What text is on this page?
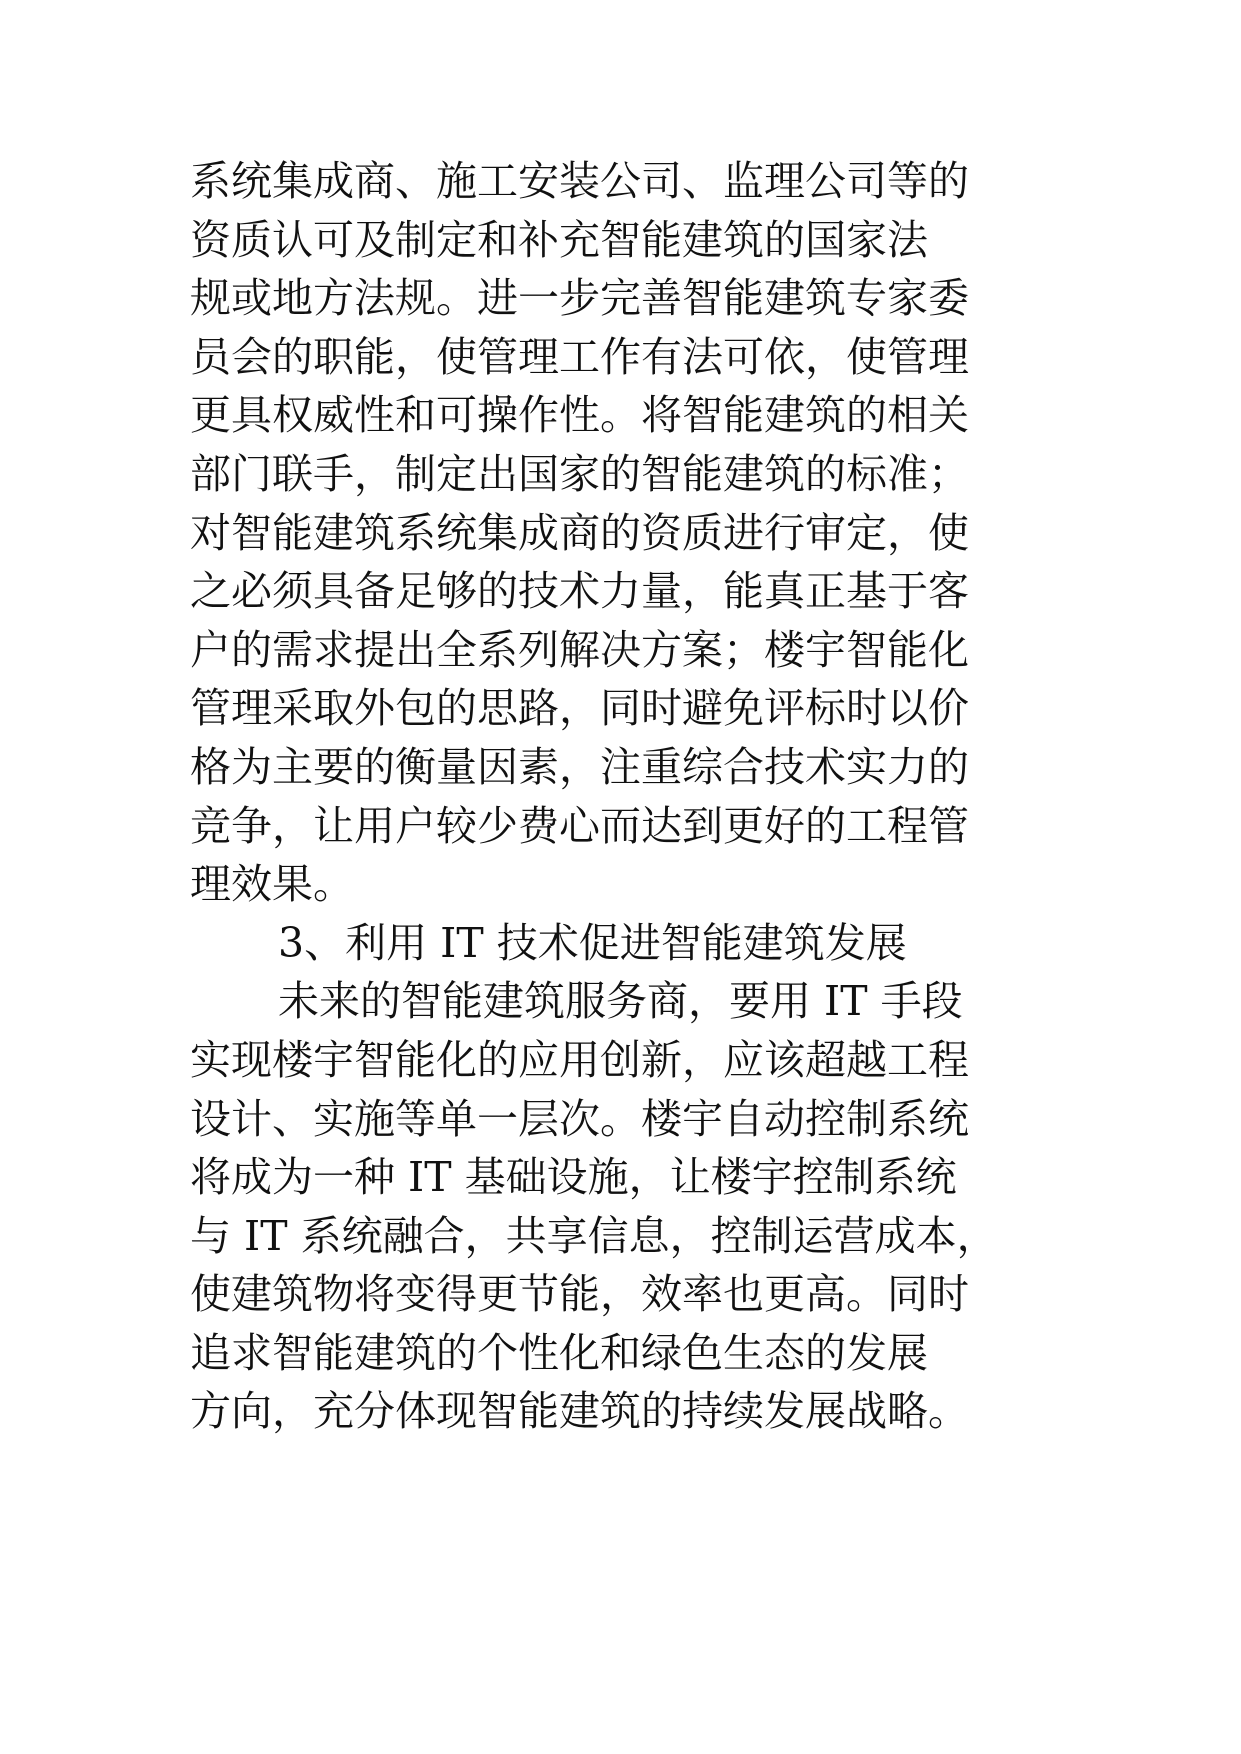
系统集成商、施工安装公司、监理公司等的
资质认可及制定和补充智能建筑的国家法
规或地方法规。进一步完善智能建筑专家委
员会的职能，使管理工作有法可依，使管理
更具权威性和可操作性。将智能建筑的相关
部门联手，制定出国家的智能建筑的标准；
对智能建筑系统集成商的资质进行审定，使
之必须具备足够的技术力量，能真正基于客
户的需求提出全系列解决方案；楼宇智能化
管理采取外包的思路，同时避免评标时以价
格为主要的衡量因素，注重综合技术实力的
竞争，让用户较少费心而达到更好的工程管
理效果。
3、利用 IT 技术促进智能建筑发展
未来的智能建筑服务商，要用 IT 手段
实现楼宇智能化的应用创新，应该超越工程
设计、实施等单一层次。楼宇自动控制系统
将成为一种 IT 基础设施，让楼宇控制系统
与 IT 系统融合，共享信息，控制运营成本，
使建筑物将变得更节能，效率也更高。同时
追求智能建筑的个性化和绿色生态的发展
方向，充分体现智能建筑的持续发展战略。
